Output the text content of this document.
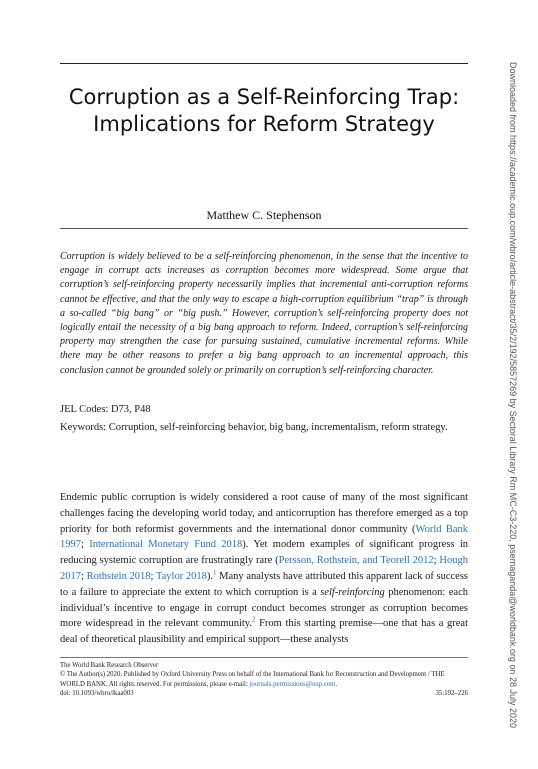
Corruption as a Self-Reinforcing Trap:
Implications for Reform Strategy
Matthew C. Stephenson

Corruption is widely believed to be a self-reinforcing phenomenon, in the sense that the incentive to engage in corrupt acts increases as corruption becomes more widespread. Some argue that corruption’s self-reinforcing property necessarily implies that incremental anti-corruption reforms cannot be effective, and that the only way to escape a high-corruption equilibrium “trap” is through a so-called “big bang” or “big push.” However, corruption’s self-reinforcing property does not logically entail the necessity of a big bang approach to reform. Indeed, corruption’s self-reinforcing property may strengthen the case for pursuing sustained, cumulative incremental reforms. While there may be other reasons to prefer a big bang approach to an incremental approach, this conclusion cannot be grounded solely or primarily on corruption’s self-reinforcing character.

JEL Codes: D73, P48

Keywords: Corruption, self-reinforcing behavior, big bang, incrementalism, reform strategy.

Endemic public corruption is widely considered a root cause of many of the most significant challenges facing the developing world today, and anticorruption has therefore emerged as a top priority for both reformist governments and the international donor community (World Bank 1997; International Monetary Fund 2018). Yet modern examples of significant progress in reducing systemic corruption are frustratingly rare (Persson, Rothstein, and Teorell 2012; Hough 2017; Rothstein 2018; Taylor 2018).$^1$ Many analysts have attributed this apparent lack of success to a failure to appreciate the extent to which corruption is a self-reinforcing phenomenon: each individual’s incentive to engage in corrupt conduct becomes stronger as corruption becomes more widespread in the relevant community.$^2$ From this starting premise—one that has a great deal of theoretical plausibility and empirical support—these analysts

The World Bank Research Observer
© The Author(s) 2020. Published by Oxford University Press on behalf of the International Bank for Reconstruction and Development / THE WORLD BANK. All rights reserved. For permissions, please e-mail: journals.permissions@oup.com.
doi: 10.1093/wbro/lkaa003	35:192–226	Downloaded from https://academic.oup.com/wbro/article-abstract/35/2/192/5857269 by Sectoral Library Rm MC-C3-220, psemaganda@worldbank.org on 28 July 2020
